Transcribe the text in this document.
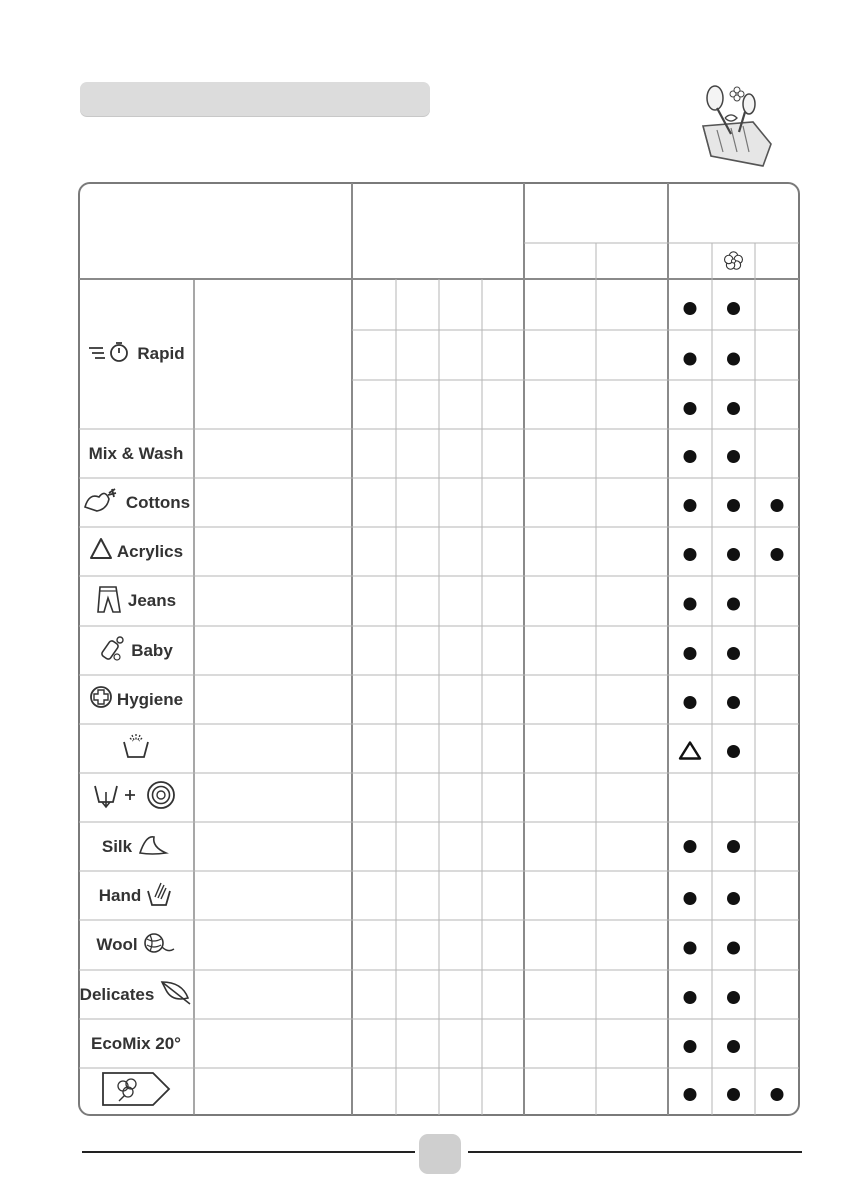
Rapid
Mix & Wash
Cottons
Acrylics
Jeans
Baby
Hygiene
Silk
Hand
Wool
Delicates
EcoMix 20°
